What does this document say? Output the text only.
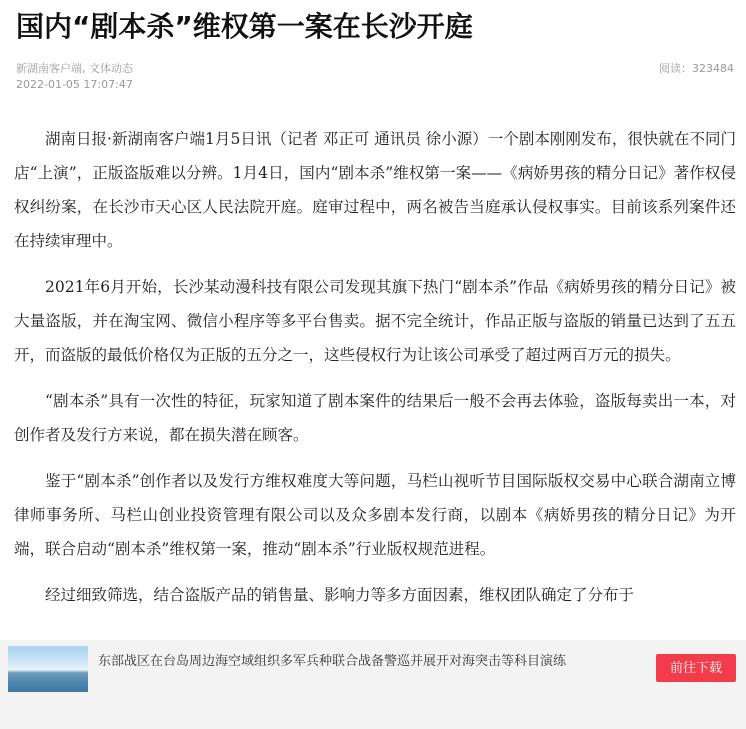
国内“剧本杀”维权第一案在长沙开庭
新湖南客户端, 文体动态
2022-01-05 17:07:47
阅读：323484

湖南日报·新湖南客户端1月5日讯（记者 邓正可 通讯员 徐小源）一个剧本刚刚发布，很快就在不同门店“上演”，正版盗版难以分辨。1月4日，国内“剧本杀”维权第一案——《病娇男孩的精分日记》著作权侵权纠纷案，在长沙市天心区人民法院开庭。庭审过程中，两名被告当庭承认侵权事实。目前该系列案件还在持续审理中。

2021年6月开始，长沙某动漫科技有限公司发现其旗下热门“剧本杀”作品《病娇男孩的精分日记》被大量盗版，并在淘宝网、微信小程序等多平台售卖。据不完全统计，作品正版与盗版的销量已达到了五五开，而盗版的最低价格仅为正版的五分之一，这些侵权行为让该公司承受了超过两百万元的损失。

“剧本杀”具有一次性的特征，玩家知道了剧本案件的结果后一般不会再去体验，盗版每卖出一本，对创作者及发行方来说，都在损失潜在顾客。

鉴于“剧本杀”创作者以及发行方维权难度大等问题，马栏山视听节目国际版权交易中心联合湖南立博律师事务所、马栏山创业投资管理有限公司以及众多剧本发行商，以剧本《病娇男孩的精分日记》为开端，联合启动“剧本杀”维权第一案，推动“剧本杀”行业版权规范进程。

经过细致筛选，结合盗版产品的销售量、影响力等多方面因素，维权团队确定了分布于

东部战区在台岛周边海空域组织多军兵种联合战备警巡并展开对海突击等科目演练	前往下载
